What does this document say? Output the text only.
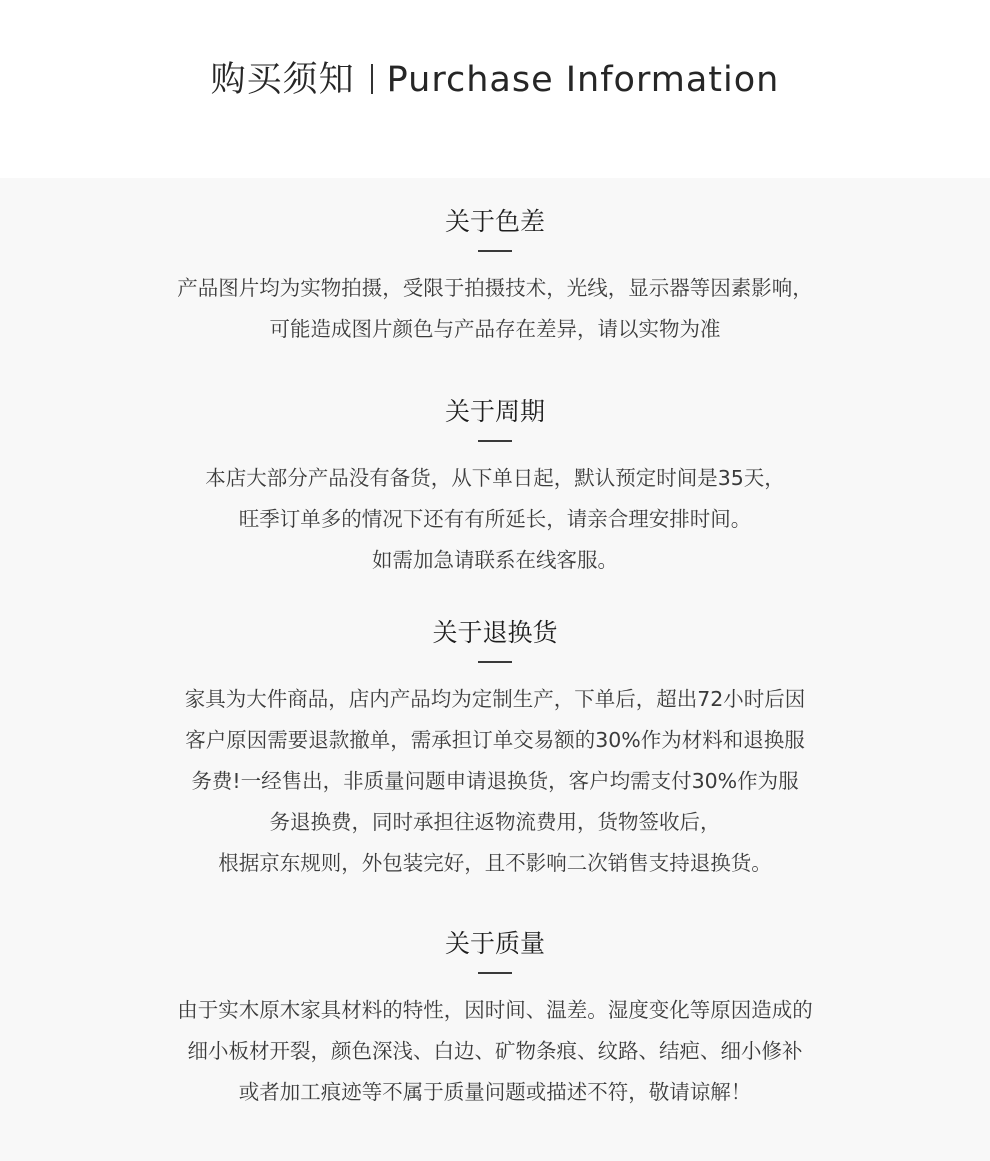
购买须知 Purchase Information
关于色差
产品图片均为实物拍摄，受限于拍摄技术，光线，显示器等因素影响，
可能造成图片颜色与产品存在差异，请以实物为准
关于周期
本店大部分产品没有备货，从下单日起，默认预定时间是35天，
旺季订单多的情况下还有有所延长，请亲合理安排时间。
如需加急请联系在线客服。
关于退换货
家具为大件商品，店内产品均为定制生产，下单后，超出72小时后因
客户原因需要退款撤单，需承担订单交易额的30%作为材料和退换服
务费!一经售出，非质量问题申请退换货，客户均需支付30%作为服
务退换费，同时承担往返物流费用，货物签收后，
根据京东规则，外包装完好，且不影响二次销售支持退换货。
关于质量
由于实木原木家具材料的特性，因时间、温差。湿度变化等原因造成的
细小板材开裂，颜色深浅、白边、矿物条痕、纹路、结疤、细小修补
或者加工痕迹等不属于质量问题或描述不符，敬请谅解！
